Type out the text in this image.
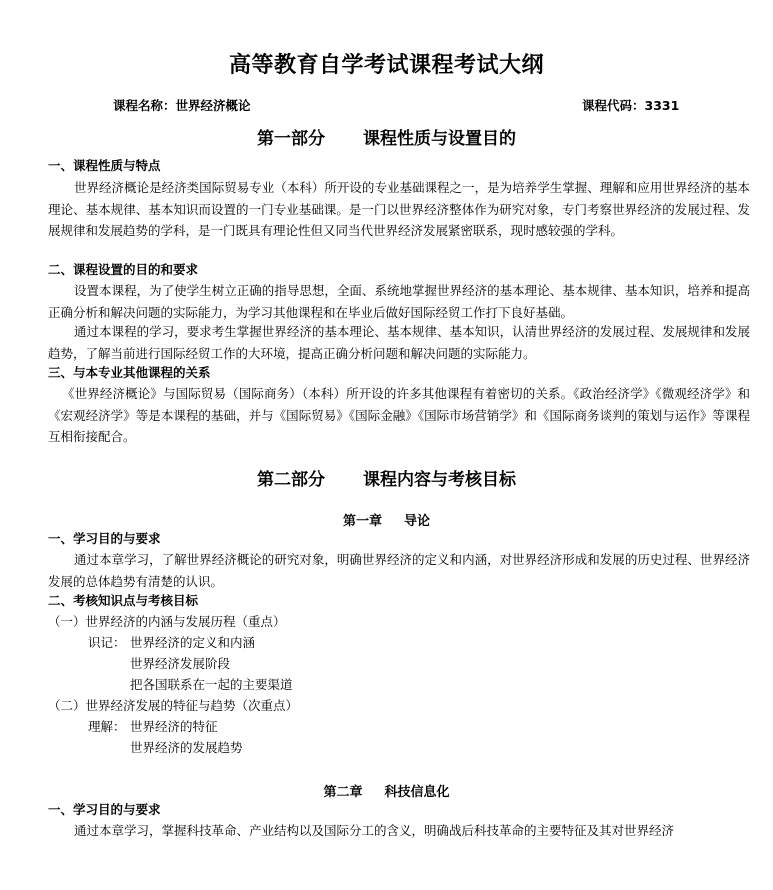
高等教育自学考试课程考试大纲
课程名称：世界经济概论	课程代码：3331
第一部分 课程性质与设置目的
一、课程性质与特点

世界经济概论是经济类国际贸易专业（本科）所开设的专业基础课程之一，是为培养学生掌握、理解和应用世界经济的基本理论、基本规律、基本知识而设置的一门专业基础课。是一门以世界经济整体作为研究对象，专门考察世界经济的发展过程、发展规律和发展趋势的学科，是一门既具有理论性但又同当代世界经济发展紧密联系，现时感较强的学科。

二、课程设置的目的和要求

设置本课程，为了使学生树立正确的指导思想，全面、系统地掌握世界经济的基本理论、基本规律、基本知识，培养和提高正确分析和解决问题的实际能力，为学习其他课程和在毕业后做好国际经贸工作打下良好基础。

通过本课程的学习，要求考生掌握世界经济的基本理论、基本规律、基本知识，认清世界经济的发展过程、发展规律和发展趋势，了解当前进行国际经贸工作的大环境，提高正确分析问题和解决问题的实际能力。

三、与本专业其他课程的关系

《世界经济概论》与国际贸易（国际商务）（本科）所开设的许多其他课程有着密切的关系。《政治经济学》《微观经济学》和《宏观经济学》等是本课程的基础，并与《国际贸易》《国际金融》《国际市场营销学》和《国际商务谈判的策划与运作》等课程互相衔接配合。

第二部分 课程内容与考核目标
第一章 导论
一、学习目的与要求

通过本章学习，了解世界经济概论的研究对象，明确世界经济的定义和内涵，对世界经济形成和发展的历史过程、世界经济发展的总体趋势有清楚的认识。

二、考核知识点与考核目标
（一）世界经济的内涵与发展历程（重点）
识记： 世界经济的定义和内涵
世界经济发展阶段
把各国联系在一起的主要渠道
（二）世界经济发展的特征与趋势（次重点）
理解： 世界经济的特征
世界经济的发展趋势
第二章 科技信息化
一、学习目的与要求
通过本章学习，掌握科技革命、产业结构以及国际分工的含义，明确战后科技革命的主要特征及其对世界经济
